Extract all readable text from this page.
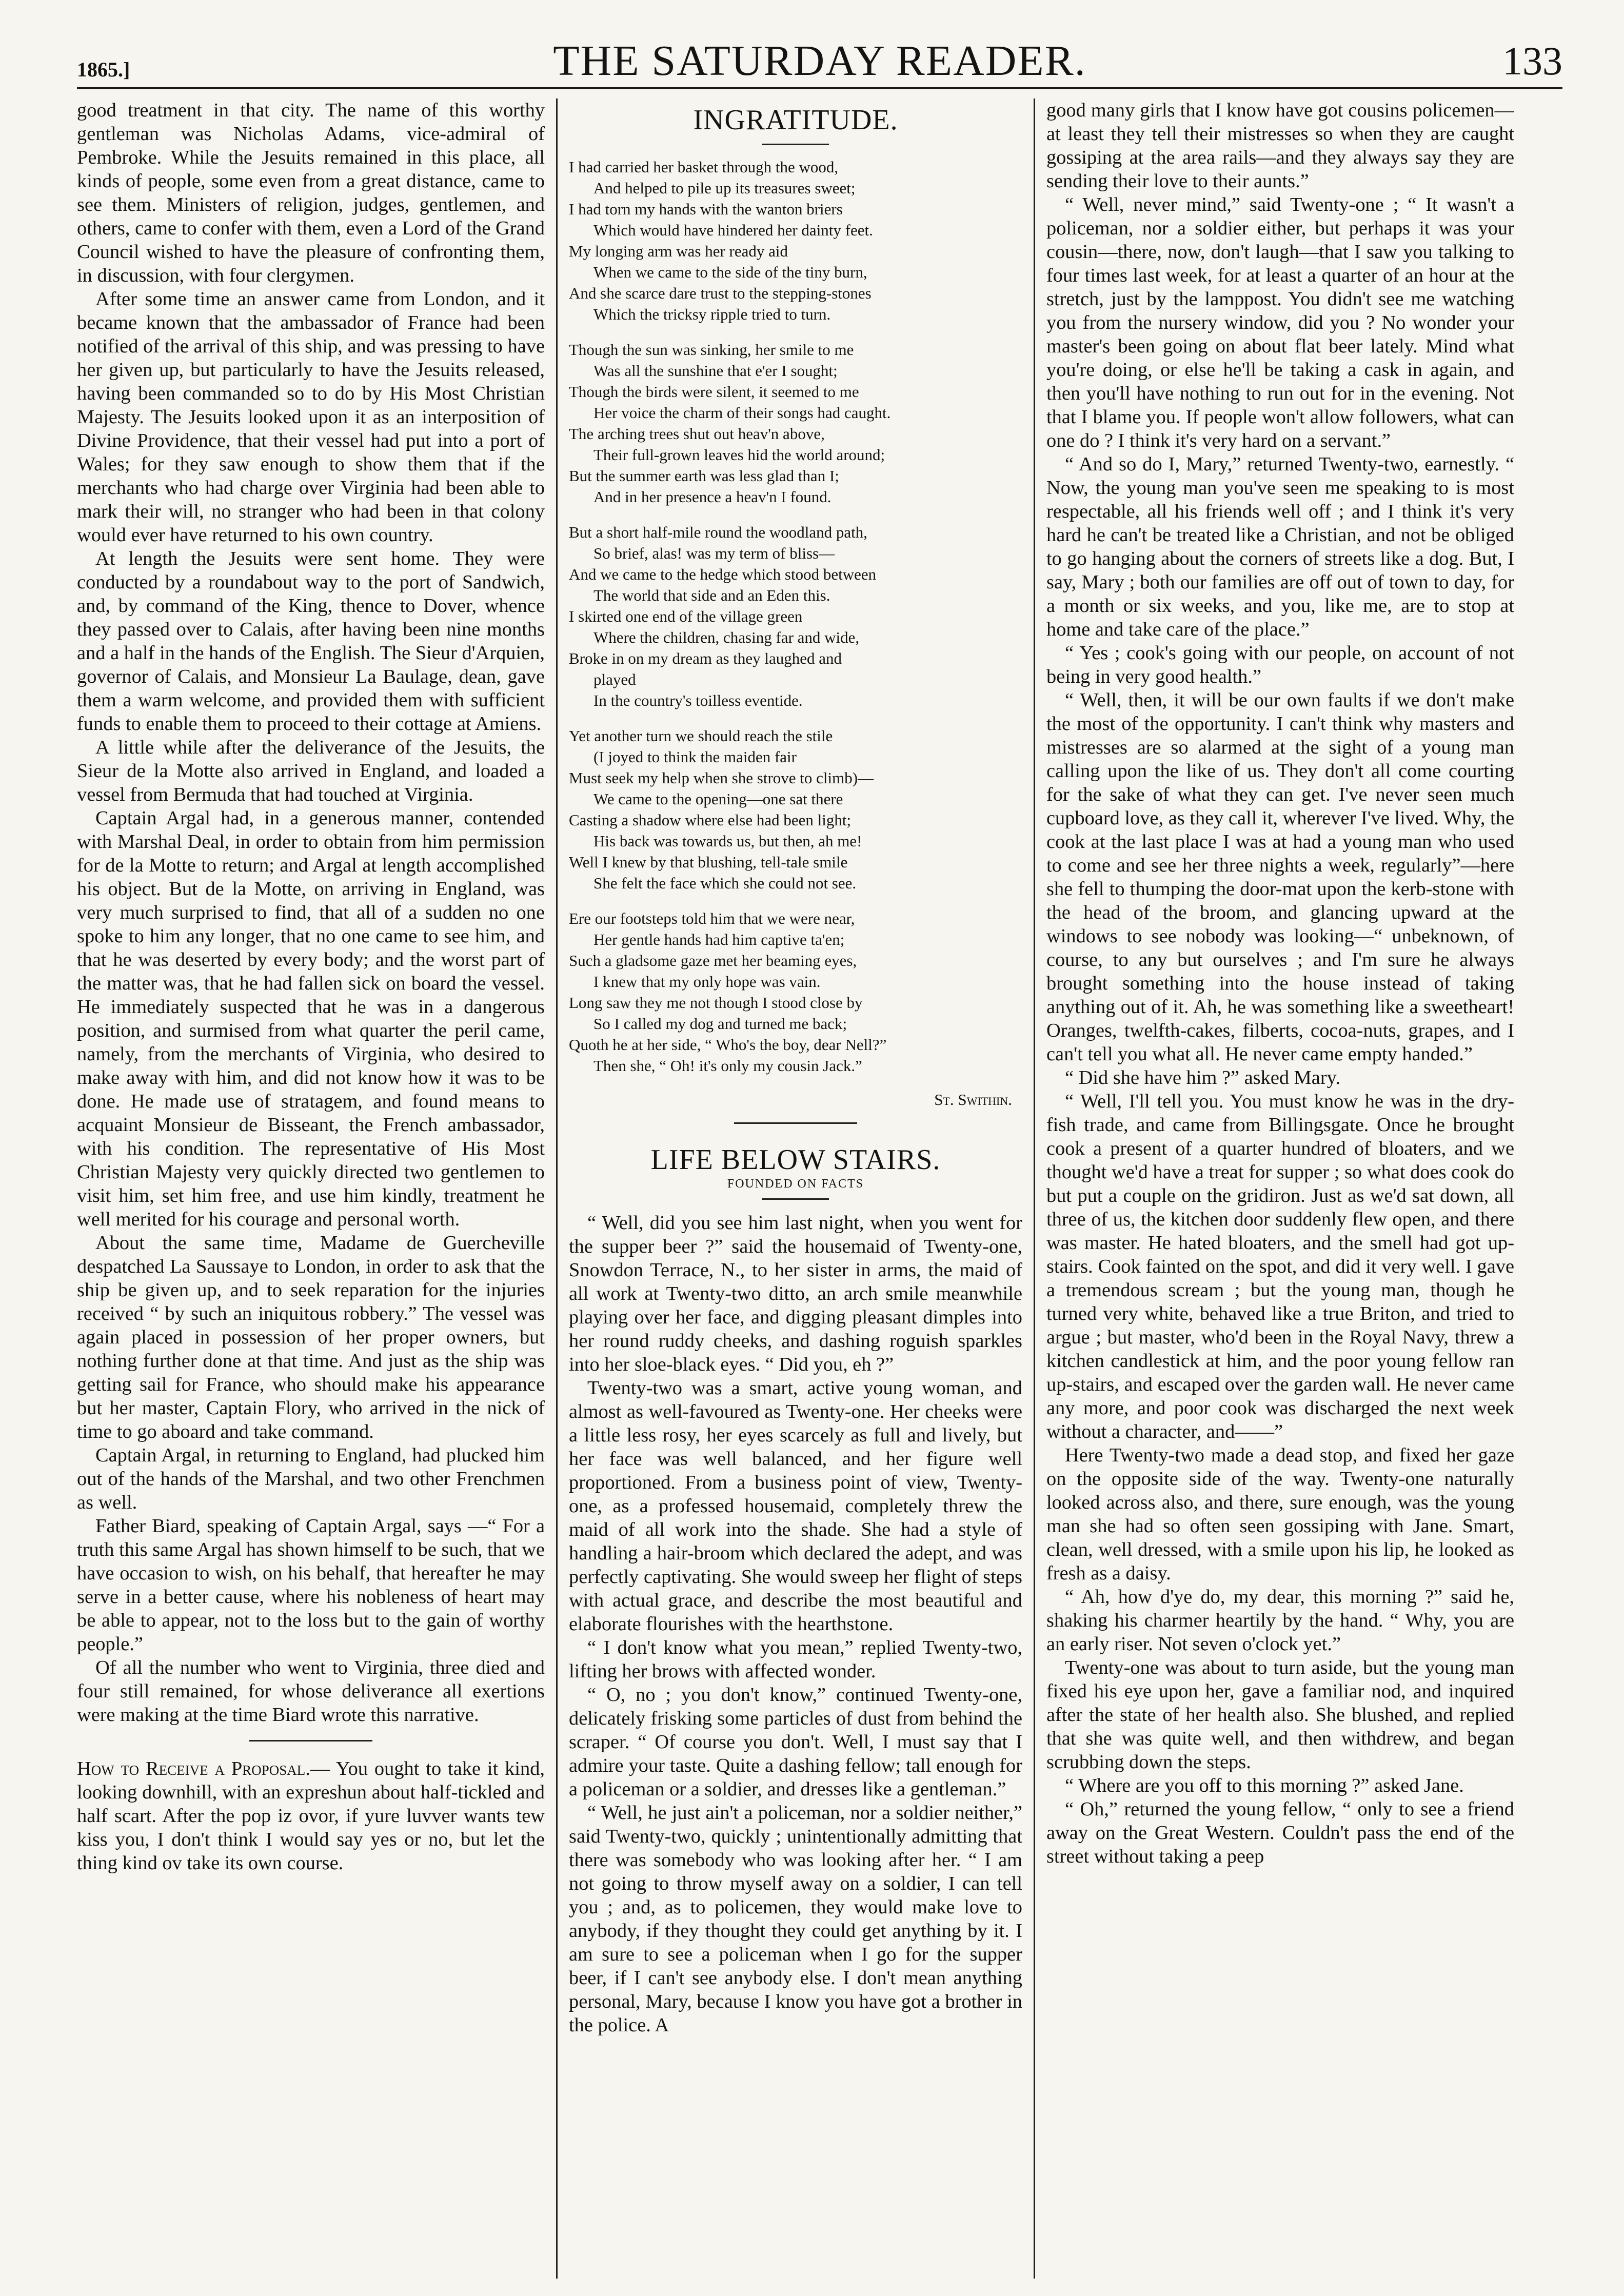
1865.]	THE SATURDAY READER.	133

good treatment in that city. The name of this worthy gentleman was Nicholas Adams, vice-admiral of Pembroke. While the Jesuits remained in this place, all kinds of people, some even from a great distance, came to see them. Ministers of religion, judges, gentlemen, and others, came to confer with them, even a Lord of the Grand Council wished to have the pleasure of confronting them, in discussion, with four clergymen.

After some time an answer came from London, and it became known that the ambassador of France had been notified of the arrival of this ship, and was pressing to have her given up, but particularly to have the Jesuits released, having been commanded so to do by His Most Christian Majesty. The Jesuits looked upon it as an interposition of Divine Providence, that their vessel had put into a port of Wales; for they saw enough to show them that if the merchants who had charge over Virginia had been able to mark their will, no stranger who had been in that colony would ever have returned to his own country.

At length the Jesuits were sent home. They were conducted by a roundabout way to the port of Sandwich, and, by command of the King, thence to Dover, whence they passed over to Calais, after having been nine months and a half in the hands of the English. The Sieur d'Arquien, governor of Calais, and Monsieur La Baulage, dean, gave them a warm welcome, and provided them with sufficient funds to enable them to proceed to their cottage at Amiens.

A little while after the deliverance of the Jesuits, the Sieur de la Motte also arrived in England, and loaded a vessel from Bermuda that had touched at Virginia.

Captain Argal had, in a generous manner, contended with Marshal Deal, in order to obtain from him permission for de la Motte to return; and Argal at length accomplished his object. But de la Motte, on arriving in England, was very much surprised to find, that all of a sudden no one spoke to him any longer, that no one came to see him, and that he was deserted by every body; and the worst part of the matter was, that he had fallen sick on board the vessel. He immediately suspected that he was in a dangerous position, and surmised from what quarter the peril came, namely, from the merchants of Virginia, who desired to make away with him, and did not know how it was to be done. He made use of stratagem, and found means to acquaint Monsieur de Bisseant, the French ambassador, with his condition. The representative of His Most Christian Majesty very quickly directed two gentlemen to visit him, set him free, and use him kindly, treatment he well merited for his courage and personal worth.

About the same time, Madame de Guercheville despatched La Saussaye to London, in order to ask that the ship be given up, and to seek reparation for the injuries received “ by such an iniquitous robbery.” The vessel was again placed in possession of her proper owners, but nothing further done at that time. And just as the ship was getting sail for France, who should make his appearance but her master, Captain Flory, who arrived in the nick of time to go aboard and take command.

Captain Argal, in returning to England, had plucked him out of the hands of the Marshal, and two other Frenchmen as well.

Father Biard, speaking of Captain Argal, says —“ For a truth this same Argal has shown himself to be such, that we have occasion to wish, on his behalf, that hereafter he may serve in a better cause, where his nobleness of heart may be able to appear, not to the loss but to the gain of worthy people.”

Of all the number who went to Virginia, three died and four still remained, for whose deliverance all exertions were making at the time Biard wrote this narrative.

How to Receive a Proposal.— You ought to take it kind, looking downhill, with an expreshun about half-tickled and half scart. After the pop iz ovor, if yure luvver wants tew kiss you, I don't think I would say yes or no, but let the thing kind ov take its own course.

INGRATITUDE.
I had carried her basket through the wood,
And helped to pile up its treasures sweet;
I had torn my hands with the wanton briers
Which would have hindered her dainty feet.
My longing arm was her ready aid
When we came to the side of the tiny burn,
And she scarce dare trust to the stepping-stones
Which the tricksy ripple tried to turn.
Though the sun was sinking, her smile to me
Was all the sunshine that e'er I sought;
Though the birds were silent, it seemed to me
Her voice the charm of their songs had caught.
The arching trees shut out heav'n above,
Their full-grown leaves hid the world around;
But the summer earth was less glad than I;
And in her presence a heav'n I found.
But a short half-mile round the woodland path,
So brief, alas! was my term of bliss—
And we came to the hedge which stood between
The world that side and an Eden this.
I skirted one end of the village green
Where the children, chasing far and wide,
Broke in on my dream as they laughed and
played
In the country's toilless eventide.
Yet another turn we should reach the stile
(I joyed to think the maiden fair
Must seek my help when she strove to climb)—
We came to the opening—one sat there
Casting a shadow where else had been light;
His back was towards us, but then, ah me!
Well I knew by that blushing, tell-tale smile
She felt the face which she could not see.
Ere our footsteps told him that we were near,
Her gentle hands had him captive ta'en;
Such a gladsome gaze met her beaming eyes,
I knew that my only hope was vain.
Long saw they me not though I stood close by
So I called my dog and turned me back;
Quoth he at her side, “ Who's the boy, dear Nell?”
Then she, “ Oh! it's only my cousin Jack.”
St. Swithin.
LIFE BELOW STAIRS.
FOUNDED ON FACTS

“ Well, did you see him last night, when you went for the supper beer ?” said the housemaid of Twenty-one, Snowdon Terrace, N., to her sister in arms, the maid of all work at Twenty-two ditto, an arch smile meanwhile playing over her face, and digging pleasant dimples into her round ruddy cheeks, and dashing roguish sparkles into her sloe-black eyes. “ Did you, eh ?”

Twenty-two was a smart, active young woman, and almost as well-favoured as Twenty-one. Her cheeks were a little less rosy, her eyes scarcely as full and lively, but her face was well balanced, and her figure well proportioned. From a business point of view, Twenty-one, as a professed housemaid, completely threw the maid of all work into the shade. She had a style of handling a hair-broom which declared the adept, and was perfectly captivating. She would sweep her flight of steps with actual grace, and describe the most beautiful and elaborate flourishes with the hearthstone.

“ I don't know what you mean,” replied Twenty-two, lifting her brows with affected wonder.

“ O, no ; you don't know,” continued Twenty-one, delicately frisking some particles of dust from behind the scraper. “ Of course you don't. Well, I must say that I admire your taste. Quite a dashing fellow; tall enough for a policeman or a soldier, and dresses like a gentleman.”

“ Well, he just ain't a policeman, nor a soldier neither,” said Twenty-two, quickly ; unintentionally admitting that there was somebody who was looking after her. “ I am not going to throw myself away on a soldier, I can tell you ; and, as to policemen, they would make love to anybody, if they thought they could get anything by it. I am sure to see a policeman when I go for the supper beer, if I can't see anybody else. I don't mean anything personal, Mary, because I know you have got a brother in the police. A

good many girls that I know have got cousins policemen—at least they tell their mistresses so when they are caught gossiping at the area rails—and they always say they are sending their love to their aunts.”

“ Well, never mind,” said Twenty-one ; “ It wasn't a policeman, nor a soldier either, but perhaps it was your cousin—there, now, don't laugh—that I saw you talking to four times last week, for at least a quarter of an hour at the stretch, just by the lamppost. You didn't see me watching you from the nursery window, did you ? No wonder your master's been going on about flat beer lately. Mind what you're doing, or else he'll be taking a cask in again, and then you'll have nothing to run out for in the evening. Not that I blame you. If people won't allow followers, what can one do ? I think it's very hard on a servant.”

“ And so do I, Mary,” returned Twenty-two, earnestly. “ Now, the young man you've seen me speaking to is most respectable, all his friends well off ; and I think it's very hard he can't be treated like a Christian, and not be obliged to go hanging about the corners of streets like a dog. But, I say, Mary ; both our families are off out of town to day, for a month or six weeks, and you, like me, are to stop at home and take care of the place.”

“ Yes ; cook's going with our people, on account of not being in very good health.”

“ Well, then, it will be our own faults if we don't make the most of the opportunity. I can't think why masters and mistresses are so alarmed at the sight of a young man calling upon the like of us. They don't all come courting for the sake of what they can get. I've never seen much cupboard love, as they call it, wherever I've lived. Why, the cook at the last place I was at had a young man who used to come and see her three nights a week, regularly”—here she fell to thumping the door-mat upon the kerb-stone with the head of the broom, and glancing upward at the windows to see nobody was looking—“ unbeknown, of course, to any but ourselves ; and I'm sure he always brought something into the house instead of taking anything out of it. Ah, he was something like a sweetheart! Oranges, twelfth-cakes, filberts, cocoa-nuts, grapes, and I can't tell you what all. He never came empty handed.”

“ Did she have him ?” asked Mary.

“ Well, I'll tell you. You must know he was in the dry-fish trade, and came from Billingsgate. Once he brought cook a present of a quarter hundred of bloaters, and we thought we'd have a treat for supper ; so what does cook do but put a couple on the gridiron. Just as we'd sat down, all three of us, the kitchen door suddenly flew open, and there was master. He hated bloaters, and the smell had got up-stairs. Cook fainted on the spot, and did it very well. I gave a tremendous scream ; but the young man, though he turned very white, behaved like a true Briton, and tried to argue ; but master, who'd been in the Royal Navy, threw a kitchen candlestick at him, and the poor young fellow ran up-stairs, and escaped over the garden wall. He never came any more, and poor cook was discharged the next week without a character, and——”

Here Twenty-two made a dead stop, and fixed her gaze on the opposite side of the way. Twenty-one naturally looked across also, and there, sure enough, was the young man she had so often seen gossiping with Jane. Smart, clean, well dressed, with a smile upon his lip, he looked as fresh as a daisy.

“ Ah, how d'ye do, my dear, this morning ?” said he, shaking his charmer heartily by the hand. “ Why, you are an early riser. Not seven o'clock yet.”

Twenty-one was about to turn aside, but the young man fixed his eye upon her, gave a familiar nod, and inquired after the state of her health also. She blushed, and replied that she was quite well, and then withdrew, and began scrubbing down the steps.

“ Where are you off to this morning ?” asked Jane.

“ Oh,” returned the young fellow, “ only to see a friend away on the Great Western. Couldn't pass the end of the street without taking a peep
